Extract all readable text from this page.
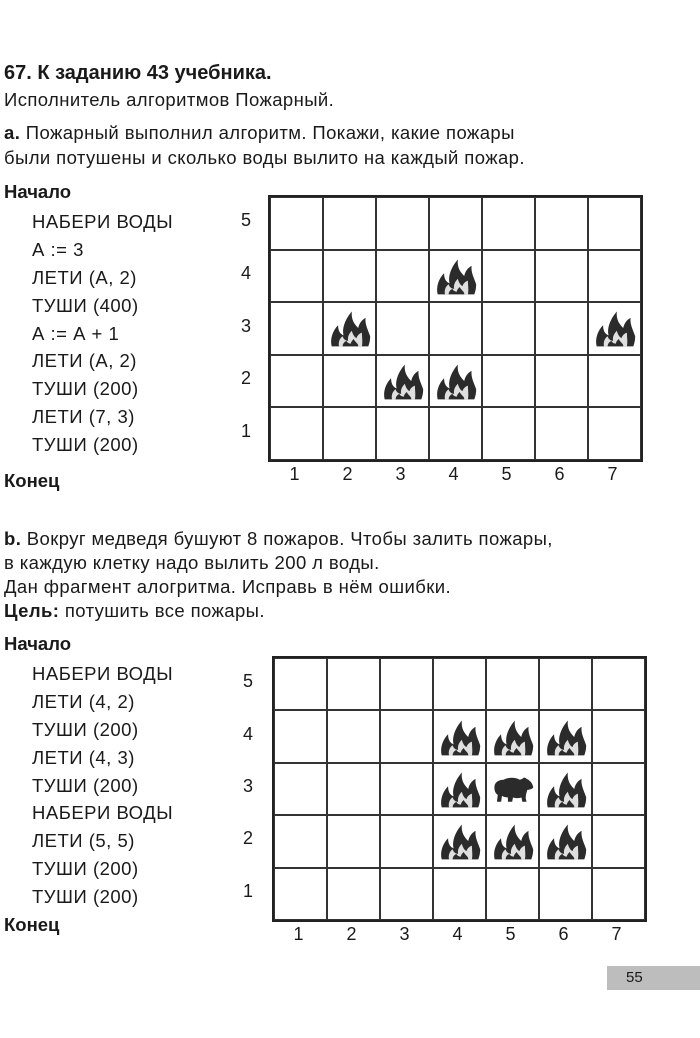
67. К заданию 43 учебника.
Исполнитель алгоритмов Пожарный.
a. Пожарный выполнил алгоритм. Покажи, какие пожары
были потушены и сколько воды вылито на каждый пожар.
Начало
НАБЕРИ ВОДЫ
А := 3
ЛЕТИ (А, 2)
ТУШИ (400)
А := А + 1
ЛЕТИ (А, 2)
ТУШИ (200)
ЛЕТИ (7, 3)
ТУШИ (200)
Конец
5
4
3
2
1
1 2 3 4 5 6 7
b. Вокруг медведя бушуют 8 пожаров. Чтобы залить пожары,
в каждую клетку надо вылить 200 л воды.
Дан фрагмент алогритма. Исправь в нём ошибки.
Цель: потушить все пожары.
Начало
НАБЕРИ ВОДЫ
ЛЕТИ (4, 2)
ТУШИ (200)
ЛЕТИ (4, 3)
ТУШИ (200)
НАБЕРИ ВОДЫ
ЛЕТИ (5, 5)
ТУШИ (200)
ТУШИ (200)
Конец
5
4
3
2
1
1 2 3 4 5 6 7
55
